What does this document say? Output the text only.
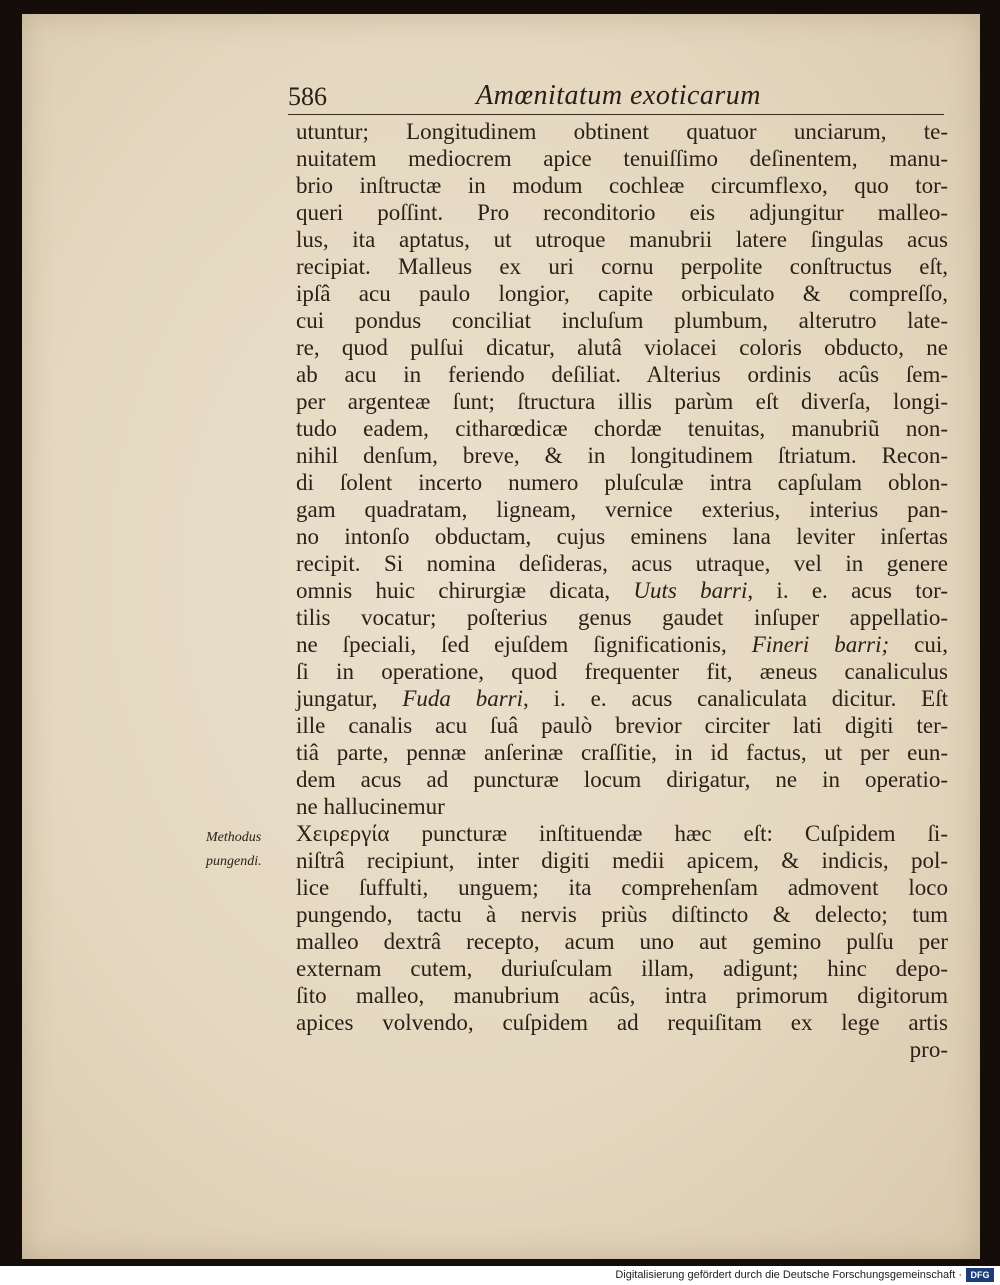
586	Amœnitatum exoticarum
Methodus
pungendi.
utuntur; Longitudinem obtinent quatuor unciarum, te-
nuitatem mediocrem apice tenuiſſimo deſinentem, manu-
brio inſtructæ in modum cochleæ circumflexo, quo tor-
queri poſſint. Pro reconditorio eis adjungitur malleo-
lus, ita aptatus, ut utroque manubrii latere ſingulas acus
recipiat. Malleus ex uri cornu perpolite conſtructus eſt,
ipſâ acu paulo longior, capite orbiculato & compreſſo,
cui pondus conciliat incluſum plumbum, alterutro late-
re, quod pulſui dicatur, alutâ violacei coloris obducto, ne
ab acu in feriendo deſiliat. Alterius ordinis acûs ſem-
per argenteæ ſunt; ſtructura illis parùm eſt diverſa, longi-
tudo eadem, citharœdicæ chordæ tenuitas, manubriũ non-
nihil denſum, breve, & in longitudinem ſtriatum. Recon-
di ſolent incerto numero pluſculæ intra capſulam oblon-
gam quadratam, ligneam, vernice exterius, interius pan-
no intonſo obductam, cujus eminens lana leviter inſertas
recipit. Si nomina deſideras, acus utraque, vel in genere
omnis huic chirurgiæ dicata, Uuts barri, i. e. acus tor-
tilis vocatur; poſterius genus gaudet inſuper appellatio-
ne ſpeciali, ſed ejuſdem ſignificationis, Fineri barri; cui,
ſi in operatione, quod frequenter fit, æneus canaliculus
jungatur, Fuda barri, i. e. acus canaliculata dicitur. Eſt
ille canalis acu ſuâ paulò brevior circiter lati digiti ter-
tiâ parte, pennæ anſerinæ craſſitie, in id factus, ut per eun-
dem acus ad puncturæ locum dirigatur, ne in operatio-
ne hallucinemur
Χειρεργία puncturæ inſtituendæ hæc eſt: Cuſpidem ſi-
niſtrâ recipiunt, inter digiti medii apicem, & indicis, pol-
lice ſuffulti, unguem; ita comprehenſam admovent loco
pungendo, tactu à nervis priùs diſtincto & delecto; tum
malleo dextrâ recepto, acum uno aut gemino pulſu per
externam cutem, duriuſculam illam, adigunt; hinc depo-
ſito malleo, manubrium acûs, intra primorum digitorum
apices volvendo, cuſpidem ad requiſitam ex lege artis
pro-
Digitalisierung gefördert durch die Deutsche Forschungsgemeinschaft · DFG
